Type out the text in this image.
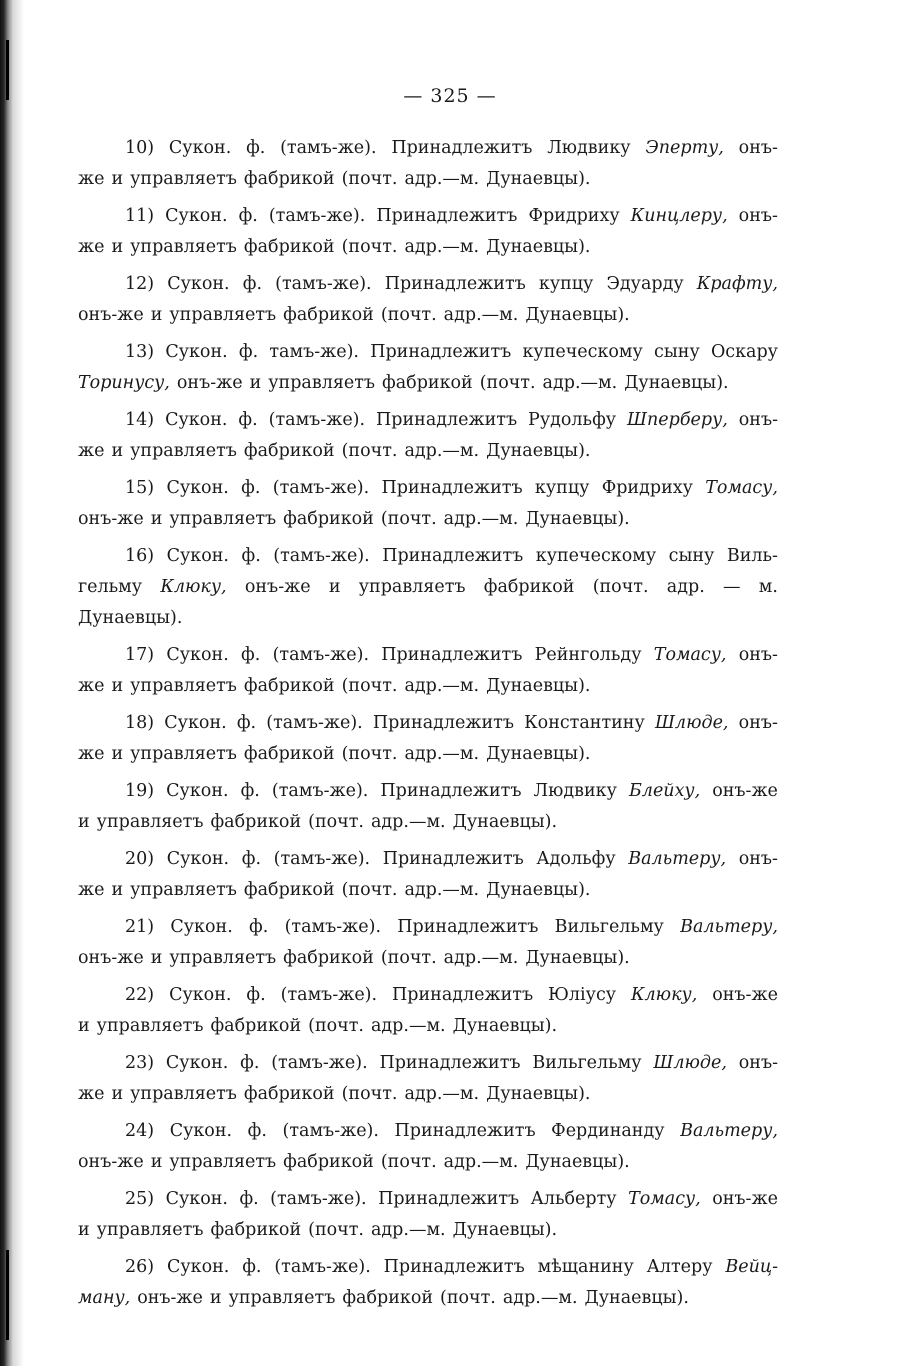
— 325 —
10) Сукон. ф. (тамъ-же). Принадлежитъ Людвику Эперту, онъ-
же и управляетъ фабрикой (почт. адр.—м. Дунаевцы).
11) Сукон. ф. (тамъ-же). Принадлежитъ Фридриху Кинцлеру, онъ-
же и управляетъ фабрикой (почт. адр.—м. Дунаевцы).
12) Сукон. ф. (тамъ-же). Принадлежитъ купцу Эдуарду Крафту,
онъ-же и управляетъ фабрикой (почт. адр.—м. Дунаевцы).
13) Сукон. ф. тамъ-же). Принадлежитъ купеческому сыну Оскару
Торинусу, онъ-же и управляетъ фабрикой (почт. адр.—м. Дунаевцы).
14) Сукон. ф. (тамъ-же). Принадлежитъ Рудольфу Шперберу, онъ-
же и управляетъ фабрикой (почт. адр.—м. Дунаевцы).
15) Сукон. ф. (тамъ-же). Принадлежитъ купцу Фридриху Томасу,
онъ-же и управляетъ фабрикой (почт. адр.—м. Дунаевцы).
16) Сукон. ф. (тамъ-же). Принадлежитъ купеческому сыну Виль-
гельму Клюку, онъ-же и управляетъ фабрикой (почт. адр. — м.
Дунаевцы).
17) Сукон. ф. (тамъ-же). Принадлежитъ Рейнгольду Томасу, онъ-
же и управляетъ фабрикой (почт. адр.—м. Дунаевцы).
18) Сукон. ф. (тамъ-же). Принадлежитъ Константину Шлюде, онъ-
же и управляетъ фабрикой (почт. адр.—м. Дунаевцы).
19) Сукон. ф. (тамъ-же). Принадлежитъ Людвику Блейху, онъ-же
и управляетъ фабрикой (почт. адр.—м. Дунаевцы).
20) Сукон. ф. (тамъ-же). Принадлежитъ Адольфу Вальтеру, онъ-
же и управляетъ фабрикой (почт. адр.—м. Дунаевцы).
21) Сукон. ф. (тамъ-же). Принадлежитъ Вильгельму Вальтеру,
онъ-же и управляетъ фабрикой (почт. адр.—м. Дунаевцы).
22) Сукон. ф. (тамъ-же). Принадлежитъ Юліусу Клюку, онъ-же
и управляетъ фабрикой (почт. адр.—м. Дунаевцы).
23) Сукон. ф. (тамъ-же). Принадлежитъ Вильгельму Шлюде, онъ-
же и управляетъ фабрикой (почт. адр.—м. Дунаевцы).
24) Сукон. ф. (тамъ-же). Принадлежитъ Фердинанду Вальтеру,
онъ-же и управляетъ фабрикой (почт. адр.—м. Дунаевцы).
25) Сукон. ф. (тамъ-же). Принадлежитъ Альберту Томасу, онъ-же
и управляетъ фабрикой (почт. адр.—м. Дунаевцы).
26) Сукон. ф. (тамъ-же). Принадлежитъ мѣщанину Алтеру Вейц-
ману, онъ-же и управляетъ фабрикой (почт. адр.—м. Дунаевцы).
